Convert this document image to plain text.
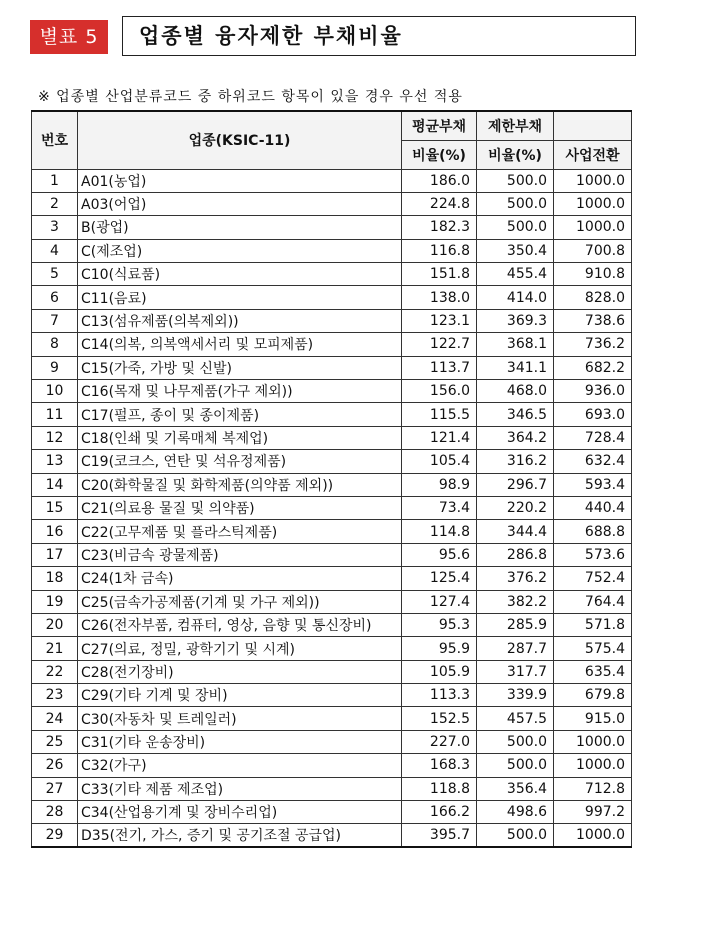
별표 5	업종별 융자제한 부채비율
※ 업종별 산업분류코드 중 하위코드 항목이 있을 경우 우선 적용
번호	업종(KSIC-11)	평균부채	제한부채	
		비율(%)	비율(%)	사업전환
1	A01(농업)	186.0	500.0	1000.0
2	A03(어업)	224.8	500.0	1000.0
3	B(광업)	182.3	500.0	1000.0
4	C(제조업)	116.8	350.4	700.8
5	C10(식료품)	151.8	455.4	910.8
6	C11(음료)	138.0	414.0	828.0
7	C13(섬유제품(의복제외))	123.1	369.3	738.6
8	C14(의복, 의복액세서리 및 모피제품)	122.7	368.1	736.2
9	C15(가죽, 가방 및 신발)	113.7	341.1	682.2
10	C16(목재 및 나무제품(가구 제외))	156.0	468.0	936.0
11	C17(펄프, 종이 및 종이제품)	115.5	346.5	693.0
12	C18(인쇄 및 기록매체 복제업)	121.4	364.2	728.4
13	C19(코크스, 연탄 및 석유정제품)	105.4	316.2	632.4
14	C20(화학물질 및 화학제품(의약품 제외))	98.9	296.7	593.4
15	C21(의료용 물질 및 의약품)	73.4	220.2	440.4
16	C22(고무제품 및 플라스틱제품)	114.8	344.4	688.8
17	C23(비금속 광물제품)	95.6	286.8	573.6
18	C24(1차 금속)	125.4	376.2	752.4
19	C25(금속가공제품(기계 및 가구 제외))	127.4	382.2	764.4
20	C26(전자부품, 컴퓨터, 영상, 음향 및 통신장비)	95.3	285.9	571.8
21	C27(의료, 정밀, 광학기기 및 시계)	95.9	287.7	575.4
22	C28(전기장비)	105.9	317.7	635.4
23	C29(기타 기계 및 장비)	113.3	339.9	679.8
24	C30(자동차 및 트레일러)	152.5	457.5	915.0
25	C31(기타 운송장비)	227.0	500.0	1000.0
26	C32(가구)	168.3	500.0	1000.0
27	C33(기타 제품 제조업)	118.8	356.4	712.8
28	C34(산업용기계 및 장비수리업)	166.2	498.6	997.2
29	D35(전기, 가스, 증기 및 공기조절 공급업)	395.7	500.0	1000.0
